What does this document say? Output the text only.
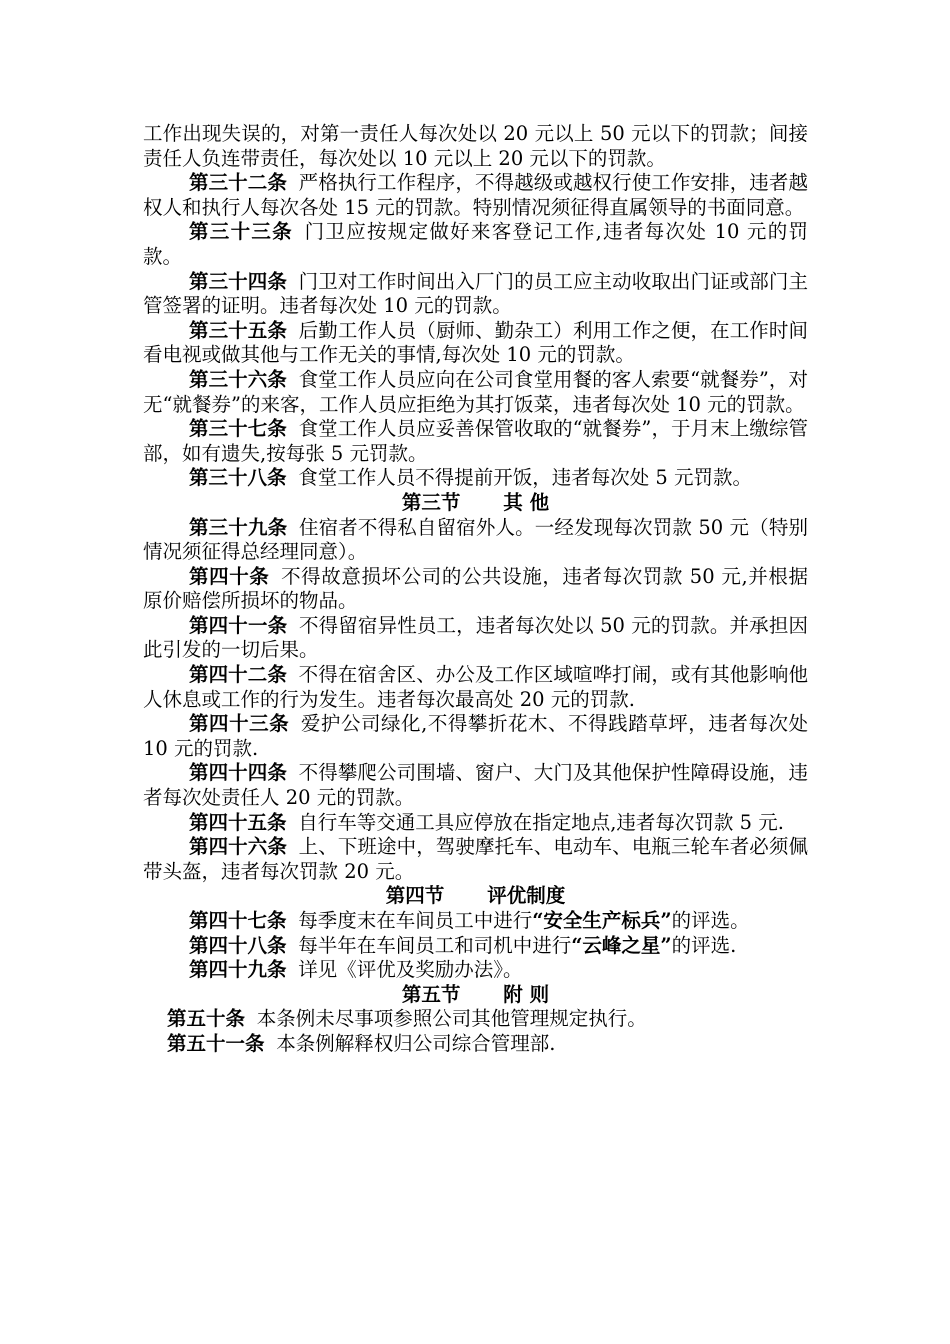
工作出现失误的，对第一责任人每次处以 20 元以上 50 元以下的罚款；间接责任人负连带责任，每次处以 10 元以上 20 元以下的罚款。

第三十二条 严格执行工作程序，不得越级或越权行使工作安排，违者越权人和执行人每次各处 15 元的罚款。特别情况须征得直属领导的书面同意。

第三十三条 门卫应按规定做好来客登记工作,违者每次处 10 元的罚款。

第三十四条 门卫对工作时间出入厂门的员工应主动收取出门证或部门主管签署的证明。违者每次处 10 元的罚款。

第三十五条 后勤工作人员（厨师、勤杂工）利用工作之便，在工作时间看电视或做其他与工作无关的事情,每次处 10 元的罚款。

第三十六条 食堂工作人员应向在公司食堂用餐的客人索要“就餐券”，对无“就餐券”的来客，工作人员应拒绝为其打饭菜，违者每次处 10 元的罚款。

第三十七条 食堂工作人员应妥善保管收取的“就餐券”，于月末上缴综管部，如有遗失,按每张 5 元罚款。

第三十八条 食堂工作人员不得提前开饭，违者每次处 5 元罚款。

第三节 其 他

第三十九条 住宿者不得私自留宿外人。一经发现每次罚款 50 元（特别情况须征得总经理同意）。

第四十条 不得故意损坏公司的公共设施，违者每次罚款 50 元,并根据原价赔偿所损坏的物品。

第四十一条 不得留宿异性员工，违者每次处以 50 元的罚款。并承担因此引发的一切后果。

第四十二条 不得在宿舍区、办公及工作区域喧哗打闹，或有其他影响他人休息或工作的行为发生。违者每次最高处 20 元的罚款.

第四十三条 爱护公司绿化,不得攀折花木、不得践踏草坪，违者每次处 10 元的罚款.

第四十四条 不得攀爬公司围墙、窗户、大门及其他保护性障碍设施，违者每次处责任人 20 元的罚款。

第四十五条 自行车等交通工具应停放在指定地点,违者每次罚款 5 元.

第四十六条 上、下班途中，驾驶摩托车、电动车、电瓶三轮车者必须佩带头盔，违者每次罚款 20 元。

第四节 评优制度

第四十七条 每季度末在车间员工中进行“安全生产标兵”的评选。

第四十八条 每半年在车间员工和司机中进行“云峰之星”的评选.

第四十九条 详见《评优及奖励办法》。

第五节 附 则

第五十条 本条例未尽事项参照公司其他管理规定执行。

第五十一条 本条例解释权归公司综合管理部.
